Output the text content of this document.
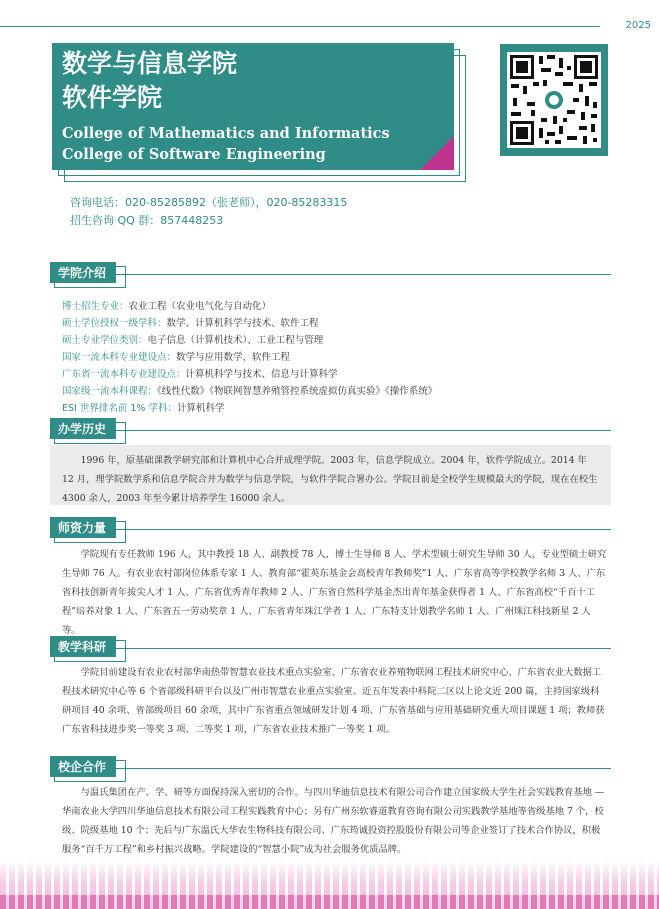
2025
数学与信息学院
软件学院
College of Mathematics and Informatics
College of Software Engineering
咨询电话：020-85285892（张老师），020-85283315
招生咨询 QQ 群：857448253
学院介绍
博士招生专业：农业工程（农业电气化与自动化）
硕士学位授权一级学科：数学、计算机科学与技术、软件工程
硕士专业学位类别：电子信息（计算机技术）、工业工程与管理
国家一流本科专业建设点：数学与应用数学、软件工程
广东省一流本科专业建设点：计算机科学与技术、信息与计算科学
国家级一流本科课程：《线性代数》《物联网智慧养殖管控系统虚拟仿真实验》《操作系统》
ESI 世界排名前 1% 学科：计算机科学
办学历史
1996 年，原基础课教学研究部和计算机中心合并成理学院。2003 年，信息学院成立。2004 年，软件学院成立。2014 年 12 月，理学院数学系和信息学院合并为数学与信息学院，与软件学院合署办公。学院目前是全校学生规模最大的学院，现在在校生 4300 余人，2003 年至今累计培养学生 16000 余人。
师资力量
学院现有专任教师 196 人，其中教授 18 人、副教授 78 人，博士生导师 8 人、学术型硕士研究生导师 30 人，专业型硕士研究生导师 76 人。有农业农村部岗位体系专家 1 人、教育部“霍英东基金会高校青年教师奖”1 人、广东省高等学校教学名师 3 人、广东省科技创新青年拔尖人才 1 人、广东省优秀青年教师 2 人、广东省自然科学基金杰出青年基金获得者 1 人、广东省高校“千百十工程”培养对象 1 人、广东省五一劳动奖章 1 人、广东省青年珠江学者 1 人、广东特支计划教学名师 1 人、广州珠江科技新星 2 人等。
教学科研
学院目前建设有农业农村部华南热带智慧农业技术重点实验室、广东省农业养殖物联网工程技术研究中心、广东省农业大数据工程技术研究中心等 6 个省部级科研平台以及广州市智慧农业重点实验室。近五年发表中科院二区以上论文近 200 篇，主持国家级科研项目 40 余项、省部级项目 60 余项，其中广东省重点领域研发计划 4 项、广东省基础与应用基础研究重大项目课题 1 项；教师获广东省科技进步奖一等奖 3 项、二等奖 1 项，广东省农业技术推广一等奖 1 项。
校企合作
与温氏集团在产、学、研等方面保持深入密切的合作。与四川华迪信息技术有限公司合作建立国家级大学生社会实践教育基地 — 华南农业大学四川华迪信息技术有限公司工程实践教育中心；另有广州东软睿道教育咨询有限公司实践教学基地等省级基地 7 个，校级、院级基地 10 个；先后与广东温氏大华农生物科技有限公司、广东筠诚投资控股股份有限公司等企业签订了技术合作协议，积极服务“百千万工程”和乡村振兴战略。学院建设的“智慧小院”成为社会服务优质品牌。
